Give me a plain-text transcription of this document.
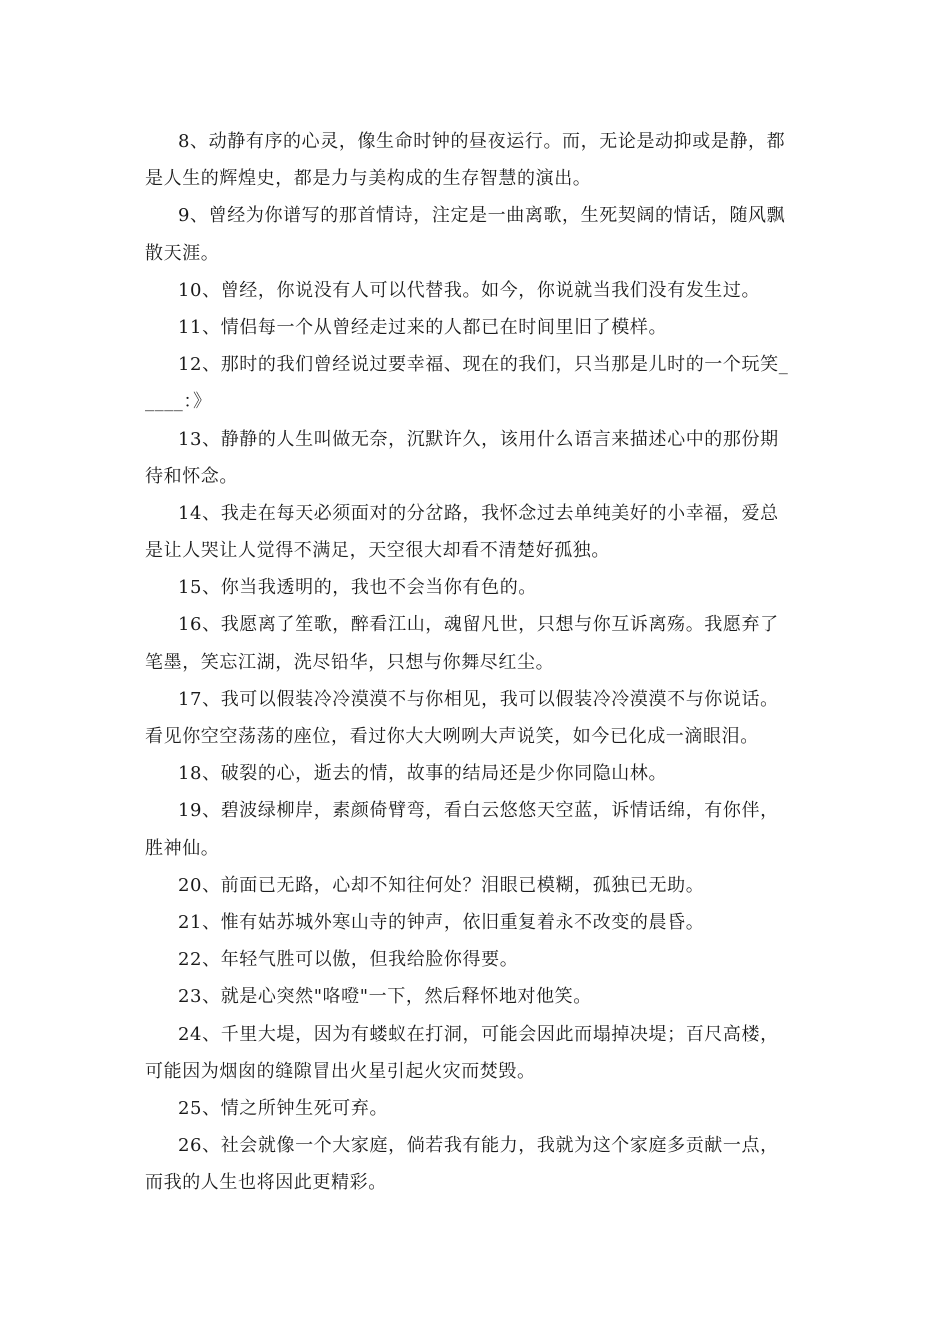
8、动静有序的心灵，像生命时钟的昼夜运行。而，无论是动抑或是静，都
是人生的辉煌史，都是力与美构成的生存智慧的演出。
9、曾经为你谱写的那首情诗，注定是一曲离歌，生死契阔的情话，随风飘
散天涯。
10、曾经，你说没有人可以代替我。如今，你说就当我们没有发生过。
11、情侣每一个从曾经走过来的人都已在时间里旧了模样。
12、那时的我们曾经说过要幸福、现在的我们，只当那是儿时的一个玩笑_
____：》
13、静静的人生叫做无奈，沉默许久，该用什么语言来描述心中的那份期
待和怀念。
14、我走在每天必须面对的分岔路，我怀念过去单纯美好的小幸福，爱总
是让人哭让人觉得不满足，天空很大却看不清楚好孤独。
15、你当我透明的，我也不会当你有色的。
16、我愿离了笙歌，醉看江山，魂留凡世，只想与你互诉离殇。我愿弃了
笔墨，笑忘江湖，洗尽铅华，只想与你舞尽红尘。
17、我可以假装冷冷漠漠不与你相见，我可以假装冷冷漠漠不与你说话。
看见你空空荡荡的座位，看过你大大咧咧大声说笑，如今已化成一滴眼泪。
18、破裂的心，逝去的情，故事的结局还是少你同隐山林。
19、碧波绿柳岸，素颜倚臂弯，看白云悠悠天空蓝，诉情话绵，有你伴，
胜神仙。
20、前面已无路，心却不知往何处？泪眼已模糊，孤独已无助。
21、惟有姑苏城外寒山寺的钟声，依旧重复着永不改变的晨昏。
22、年轻气胜可以傲，但我给脸你得要。
23、就是心突然"咯噔"一下，然后释怀地对他笑。
24、千里大堤，因为有蝼蚁在打洞，可能会因此而塌掉决堤；百尺高楼，
可能因为烟囱的缝隙冒出火星引起火灾而焚毁。
25、情之所钟生死可弃。
26、社会就像一个大家庭，倘若我有能力，我就为这个家庭多贡献一点，
而我的人生也将因此更精彩。
